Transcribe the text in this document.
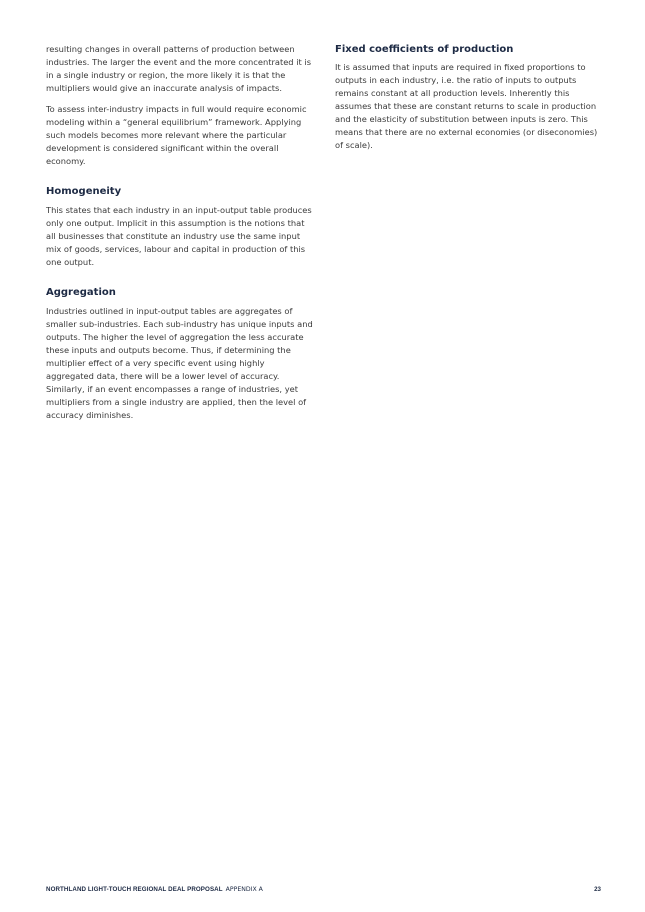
resulting changes in overall patterns of production between industries. The larger the event and the more concentrated it is in a single industry or region, the more likely it is that the multipliers would give an inaccurate analysis of impacts.

To assess inter-industry impacts in full would require economic modeling within a “general equilibrium” framework. Applying such models becomes more relevant where the particular development is considered significant within the overall economy.

Homogeneity

This states that each industry in an input-output table produces only one output. Implicit in this assumption is the notions that all businesses that constitute an industry use the same input mix of goods, services, labour and capital in production of this one output.

Aggregation

Industries outlined in input-output tables are aggregates of smaller sub-industries. Each sub-industry has unique inputs and outputs. The higher the level of aggregation the less accurate these inputs and outputs become. Thus, if determining the multiplier effect of a very specific event using highly aggregated data, there will be a lower level of accuracy. Similarly, if an event encompasses a range of industries, yet multipliers from a single industry are applied, then the level of accuracy diminishes.

Fixed coefficients of production

It is assumed that inputs are required in fixed proportions to outputs in each industry, i.e. the ratio of inputs to outputs remains constant at all production levels. Inherently this assumes that these are constant returns to scale in production and the elasticity of substitution between inputs is zero. This means that there are no external economies (or diseconomies) of scale).

NORTHLAND LIGHT-TOUCH REGIONAL DEAL PROPOSAL APPENDIX A	23
